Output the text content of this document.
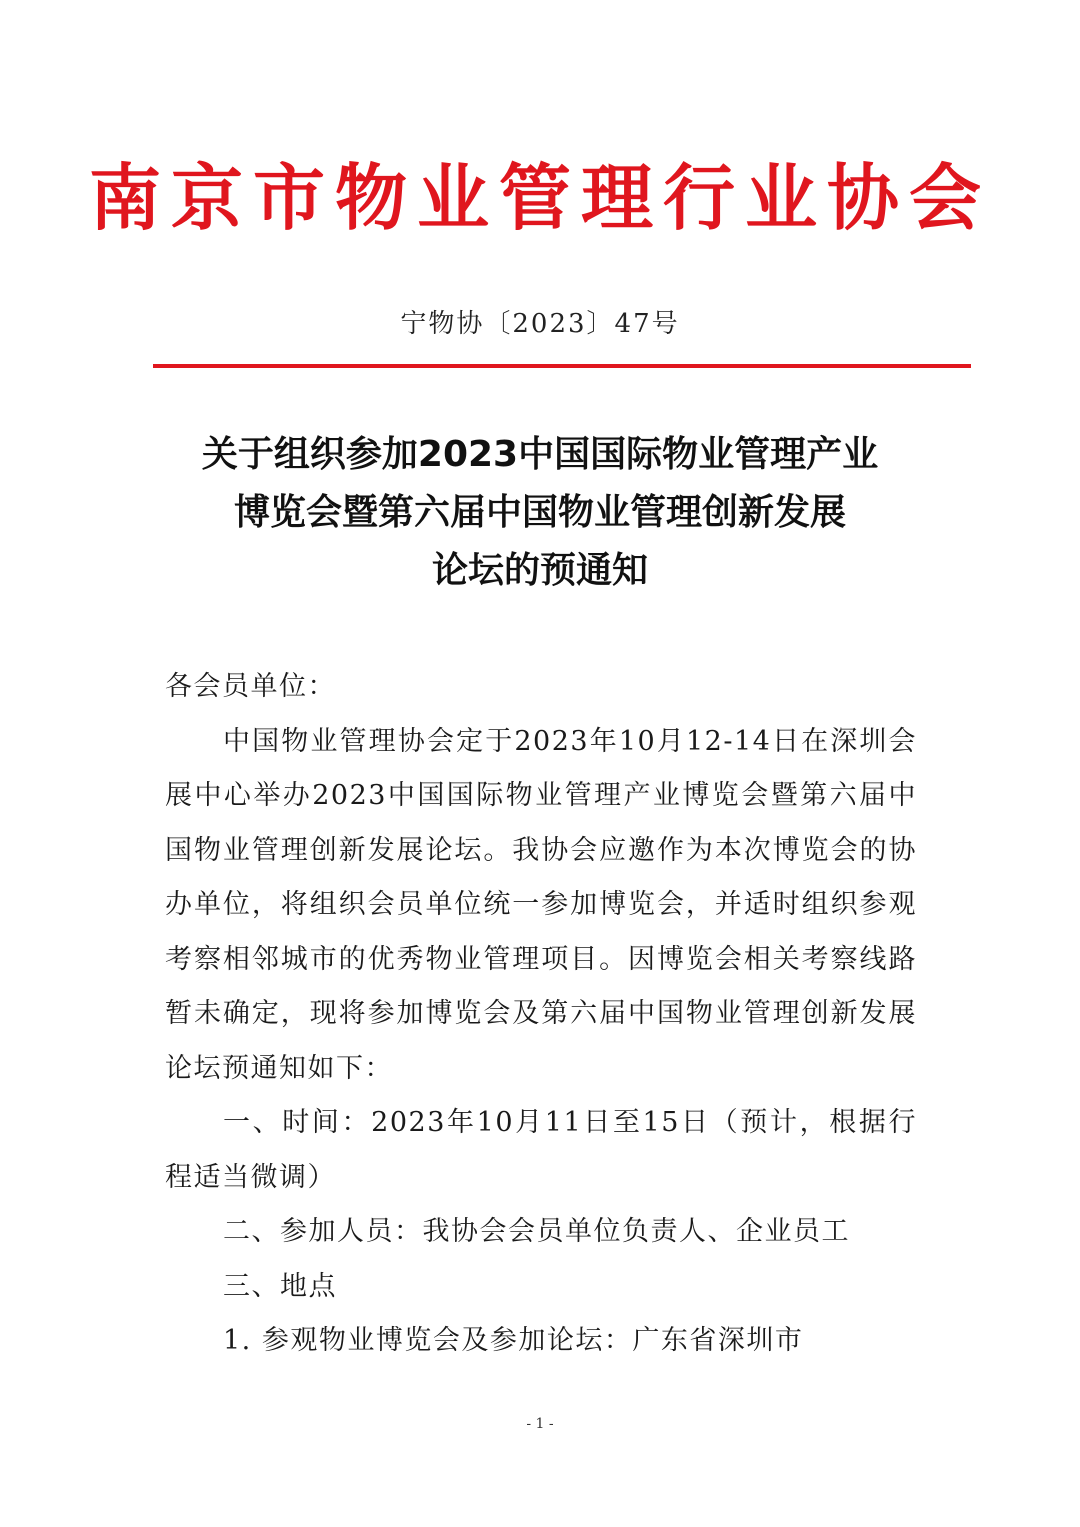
南京市物业管理行业协会
宁物协〔2023〕47号
关于组织参加2023中国国际物业管理产业
博览会暨第六届中国物业管理创新发展
论坛的预通知

各会员单位：

中国物业管理协会定于2023年10月12-14日在深圳会展中心举办2023中国国际物业管理产业博览会暨第六届中国物业管理创新发展论坛。我协会应邀作为本次博览会的协办单位，将组织会员单位统一参加博览会，并适时组织参观考察相邻城市的优秀物业管理项目。因博览会相关考察线路暂未确定，现将参加博览会及第六届中国物业管理创新发展论坛预通知如下：

一、时间：2023年10月11日至15日（预计，根据行程适当微调）

二、参加人员：我协会会员单位负责人、企业员工

三、地点

1. 参观物业博览会及参加论坛：广东省深圳市

- 1 -
